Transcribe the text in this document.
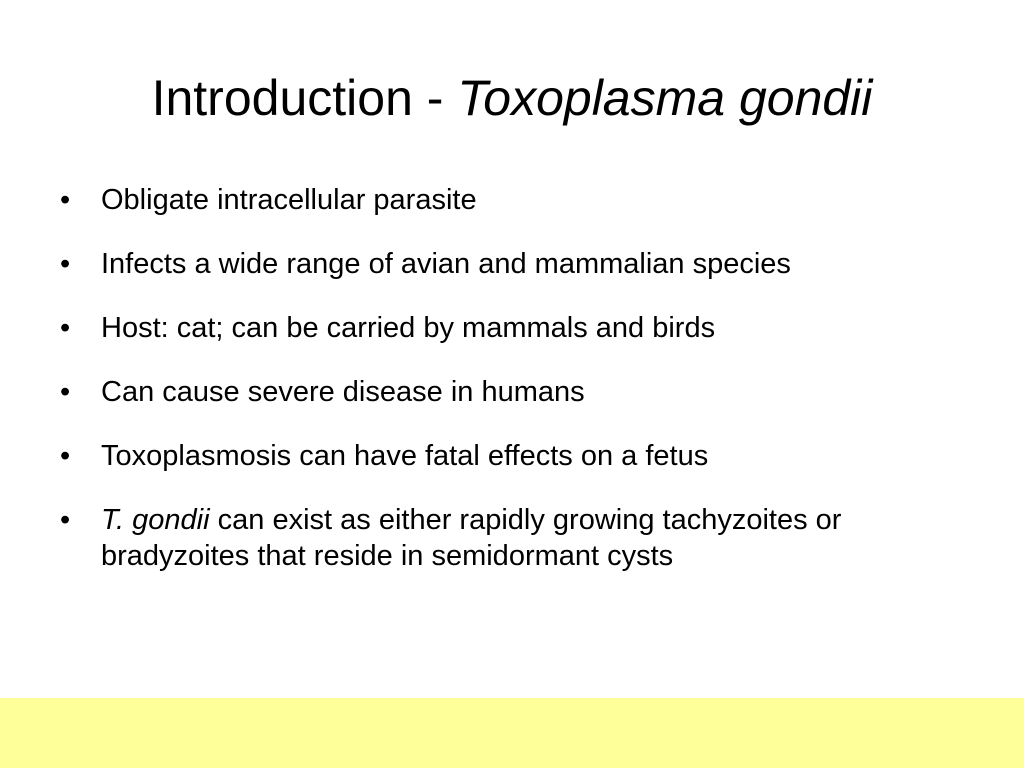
Introduction - Toxoplasma gondii
• Obligate intracellular parasite
• Infects a wide range of avian and mammalian species
• Host: cat; can be carried by mammals and birds
• Can cause severe disease in humans
• Toxoplasmosis can have fatal effects on a fetus
• T. gondii can exist as either rapidly growing tachyzoites or bradyzoites that reside in semidormant cysts
